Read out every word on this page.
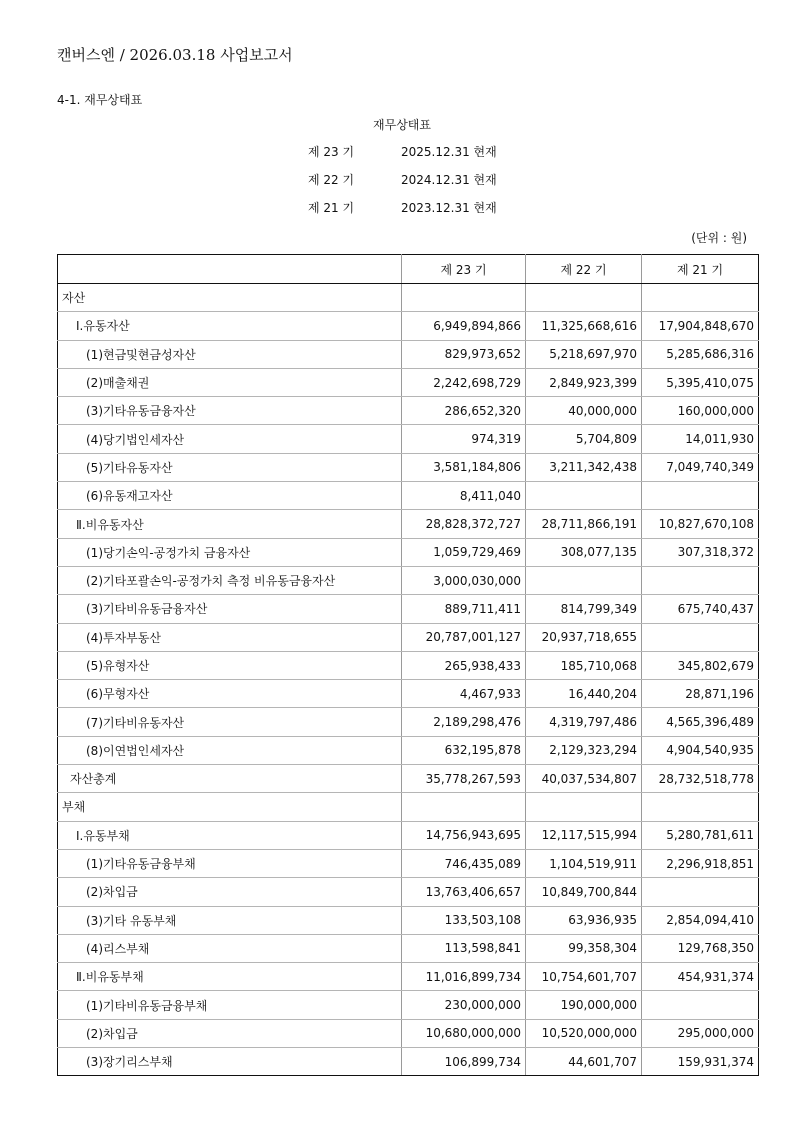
캔버스엔 / 2026.03.18 사업보고서
4-1. 재무상태표
재무상태표
제 23 기	2025.12.31 현재
제 22 기	2024.12.31 현재
제 21 기	2023.12.31 현재
(단위 : 원)
	제 23 기	제 22 기	제 21 기
자산			
Ⅰ.유동자산	6,949,894,866	11,325,668,616	17,904,848,670
(1)현금및현금성자산	829,973,652	5,218,697,970	5,285,686,316
(2)매출채권	2,242,698,729	2,849,923,399	5,395,410,075
(3)기타유동금융자산	286,652,320	40,000,000	160,000,000
(4)당기법인세자산	974,319	5,704,809	14,011,930
(5)기타유동자산	3,581,184,806	3,211,342,438	7,049,740,349
(6)유동재고자산	8,411,040		
Ⅱ.비유동자산	28,828,372,727	28,711,866,191	10,827,670,108
(1)당기손익-공정가치 금융자산	1,059,729,469	308,077,135	307,318,372
(2)기타포괄손익-공정가치 측정 비유동금융자산	3,000,030,000		
(3)기타비유동금융자산	889,711,411	814,799,349	675,740,437
(4)투자부동산	20,787,001,127	20,937,718,655	
(5)유형자산	265,938,433	185,710,068	345,802,679
(6)무형자산	4,467,933	16,440,204	28,871,196
(7)기타비유동자산	2,189,298,476	4,319,797,486	4,565,396,489
(8)이연법인세자산	632,195,878	2,129,323,294	4,904,540,935
자산총계	35,778,267,593	40,037,534,807	28,732,518,778
부채			
Ⅰ.유동부채	14,756,943,695	12,117,515,994	5,280,781,611
(1)기타유동금융부채	746,435,089	1,104,519,911	2,296,918,851
(2)차입금	13,763,406,657	10,849,700,844	
(3)기타 유동부채	133,503,108	63,936,935	2,854,094,410
(4)리스부채	113,598,841	99,358,304	129,768,350
Ⅱ.비유동부채	11,016,899,734	10,754,601,707	454,931,374
(1)기타비유동금융부채	230,000,000	190,000,000	
(2)차입금	10,680,000,000	10,520,000,000	295,000,000
(3)장기리스부채	106,899,734	44,601,707	159,931,374
